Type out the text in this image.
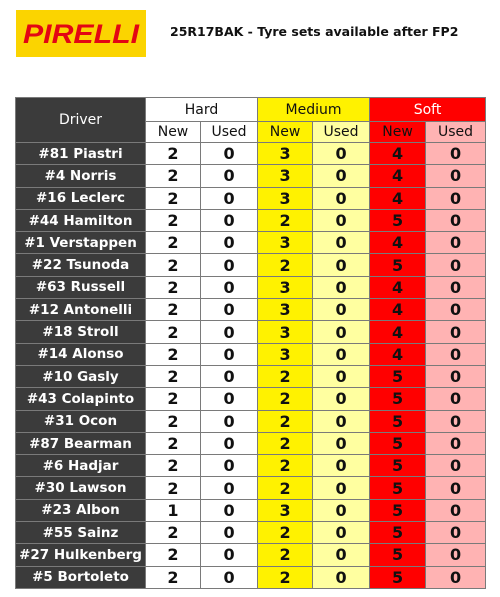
PIRELLI 25R17BAK - Tyre sets available after FP2
Driver	Hard		Medium		Soft	
	New	Used	New	Used	New	Used
#81 Piastri	2	0	3	0	4	0
#4 Norris	2	0	3	0	4	0
#16 Leclerc	2	0	3	0	4	0
#44 Hamilton	2	0	2	0	5	0
#1 Verstappen	2	0	3	0	4	0
#22 Tsunoda	2	0	2	0	5	0
#63 Russell	2	0	3	0	4	0
#12 Antonelli	2	0	3	0	4	0
#18 Stroll	2	0	3	0	4	0
#14 Alonso	2	0	3	0	4	0
#10 Gasly	2	0	2	0	5	0
#43 Colapinto	2	0	2	0	5	0
#31 Ocon	2	0	2	0	5	0
#87 Bearman	2	0	2	0	5	0
#6 Hadjar	2	0	2	0	5	0
#30 Lawson	2	0	2	0	5	0
#23 Albon	1	0	3	0	5	0
#55 Sainz	2	0	2	0	5	0
#27 Hulkenberg	2	0	2	0	5	0
#5 Bortoleto	2	0	2	0	5	0
